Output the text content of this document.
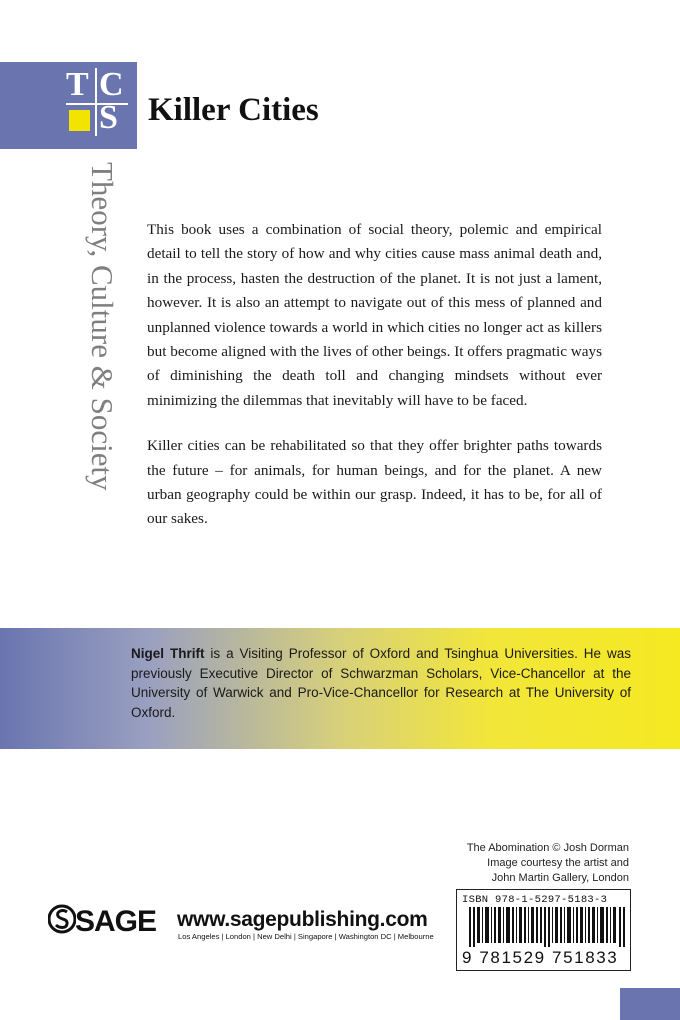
T C
S Killer Cities
Theory, Culture & Society This book uses a combination of social theory, polemic and empirical detail to tell the story of how and why cities cause mass animal death and, in the process, hasten the destruction of the planet. It is not just a lament, however. It is also an attempt to navigate out of this mess of planned and unplanned violence towards a world in which cities no longer act as killers but become aligned with the lives of other beings. It offers pragmatic ways of diminishing the death toll and changing mindsets without ever minimizing the dilemmas that inevitably will have to be faced.

Killer cities can be rehabilitated so that they offer brighter paths towards the future – for animals, for human beings, and for the planet. A new urban geography could be within our grasp. Indeed, it has to be, for all of our sakes.

Nigel Thrift is a Visiting Professor of Oxford and Tsinghua Universities. He was previously Executive Director of Schwarzman Scholars, Vice-Chancellor at the University of Warwick and Pro-Vice-Chancellor for Research at The University of Oxford.
The Abomination © Josh Dorman
Image courtesy the artist and
John Martin Gallery, London
ISBN 978-1-5297-5183-3
9 781529 751833
SAGE www.sagepublishing.com
Los Angeles | London | New Delhi | Singapore | Washington DC | Melbourne
